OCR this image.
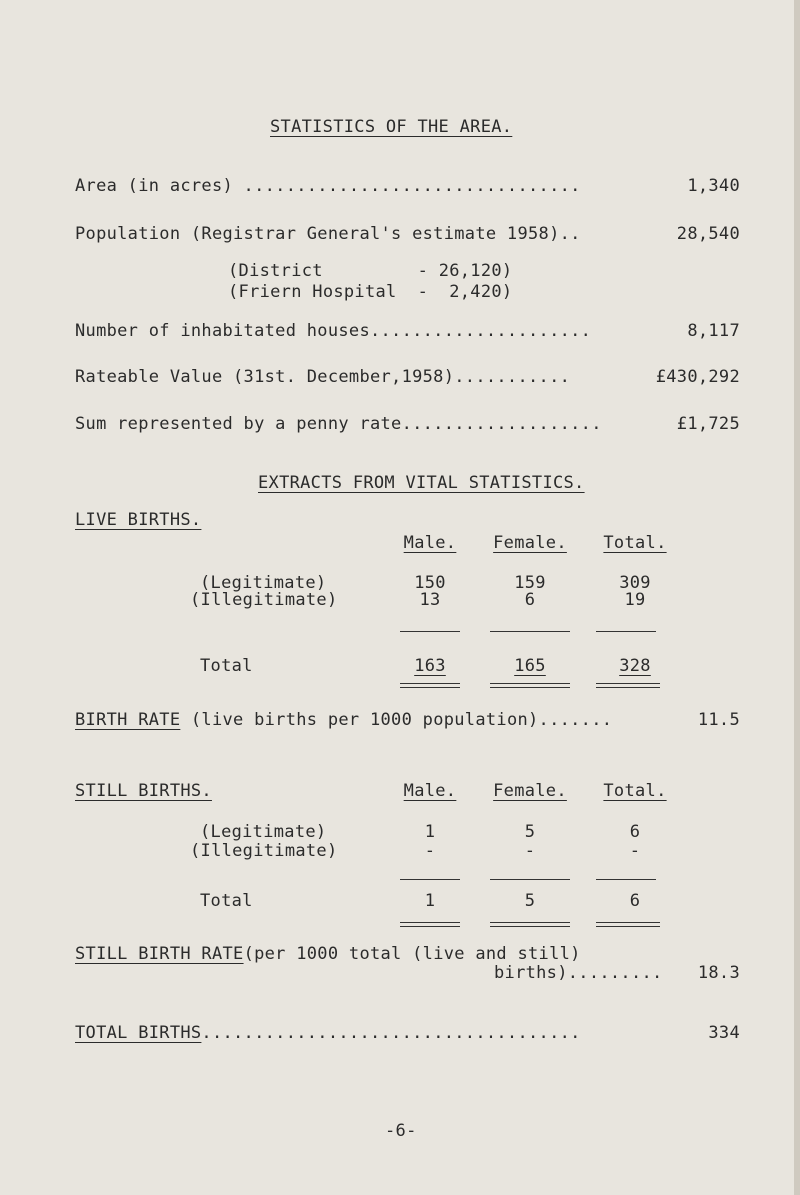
STATISTICS OF THE AREA.
Area (in acres) ................................	1,340
Population (Registrar General's estimate 1958)..	28,540
(District         - 26,120)
(Friern Hospital  -  2,420)
Number of inhabitated houses.....................	8,117
Rateable Value (31st. December,1958)...........	£430,292
Sum represented by a penny rate...................	£1,725
EXTRACTS FROM VITAL STATISTICS.
LIVE BIRTHS.
Male.	Female.	Total.
(Legitimate)	150	159	309
(Illegitimate)	13	6	19
Total	163	165	328
BIRTH RATE (live births per 1000 population).......	11.5
STILL BIRTHS.	Male.	Female.	Total.
(Legitimate)	1	5	6
(Illegitimate)	-	-	-
Total	1	5	6
STILL BIRTH RATE(per 1000 total (live and still)
births).........	18.3
TOTAL BIRTHS....................................	334
-6-
